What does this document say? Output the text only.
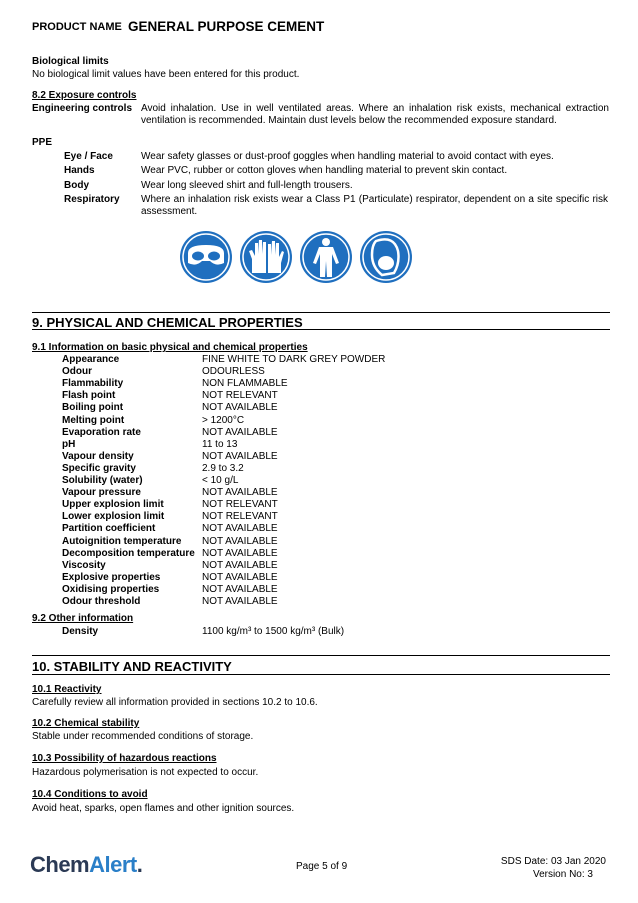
PRODUCT NAME GENERAL PURPOSE CEMENT
Biological limits
No biological limit values have been entered for this product.
8.2 Exposure controls
Engineering controls Avoid inhalation. Use in well ventilated areas. Where an inhalation risk exists, mechanical extraction ventilation is recommended. Maintain dust levels below the recommended exposure standard.
PPE
Eye / Face	Wear safety glasses or dust-proof goggles when handling material to avoid contact with eyes.
Hands	Wear PVC, rubber or cotton gloves when handling material to prevent skin contact.
Body	Wear long sleeved shirt and full-length trousers.
Respiratory Where an inhalation risk exists wear a Class P1 (Particulate) respirator, dependent on a site specific risk assessment.
9. PHYSICAL AND CHEMICAL PROPERTIES
9.1 Information on basic physical and chemical properties
Appearance	FINE WHITE TO DARK GREY POWDER
Odour	ODOURLESS
Flammability	NON FLAMMABLE
Flash point	NOT RELEVANT
Boiling point	NOT AVAILABLE
Melting point	> 1200°C
Evaporation rate	NOT AVAILABLE
pH	11 to 13
Vapour density	NOT AVAILABLE
Specific gravity	2.9 to 3.2
Solubility (water)	< 10 g/L
Vapour pressure	NOT AVAILABLE
Upper explosion limit	NOT RELEVANT
Lower explosion limit	NOT RELEVANT
Partition coefficient	NOT AVAILABLE
Autoignition temperature NOT AVAILABLE
Decomposition temperature NOT AVAILABLE
Viscosity	NOT AVAILABLE
Explosive properties	NOT AVAILABLE
Oxidising properties	NOT AVAILABLE
Odour threshold	NOT AVAILABLE
9.2 Other information
Density	1100 kg/m³ to 1500 kg/m³ (Bulk)
10. STABILITY AND REACTIVITY
10.1 Reactivity
Carefully review all information provided in sections 10.2 to 10.6.
10.2 Chemical stability
Stable under recommended conditions of storage.
10.3 Possibility of hazardous reactions
Hazardous polymerisation is not expected to occur.
10.4 Conditions to avoid
Avoid heat, sparks, open flames and other ignition sources.
ChemAlert.	Page 5 of 9	SDS Date: 03 Jan 2020
Version No: 3
